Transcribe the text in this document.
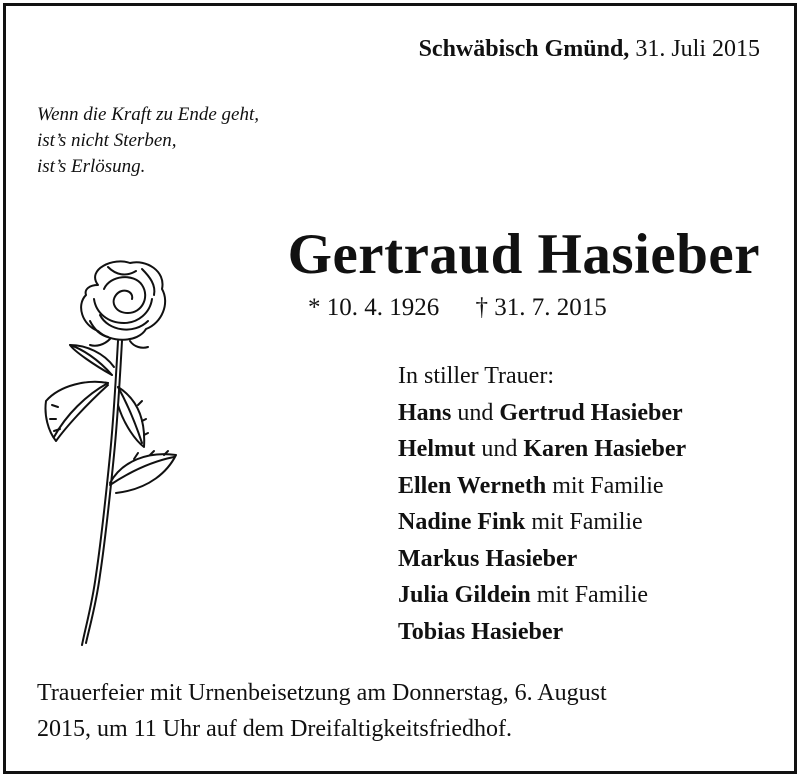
Schwäbisch Gmünd, 31. Juli 2015
Wenn die Kraft zu Ende geht,
ist’s nicht Sterben,
ist’s Erlösung.
Gertraud Hasieber
* 10. 4. 1926 † 31. 7. 2015
In stiller Trauer:
Hans und Gertrud Hasieber
Helmut und Karen Hasieber
Ellen Werneth mit Familie
Nadine Fink mit Familie
Markus Hasieber
Julia Gildein mit Familie
Tobias Hasieber
Trauerfeier mit Urnenbeisetzung am Donnerstag, 6. August
2015, um 11 Uhr auf dem Dreifaltigkeitsfriedhof.
